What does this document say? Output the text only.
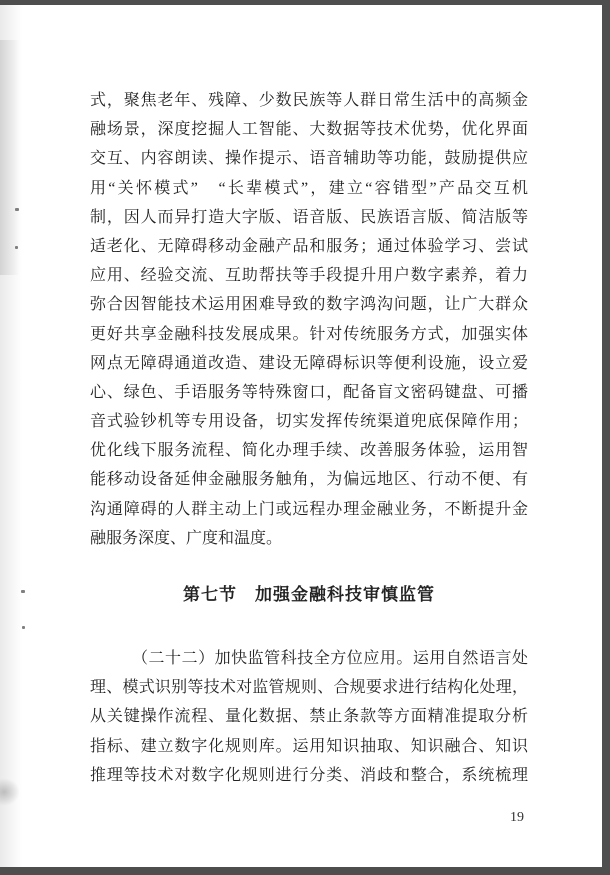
式，聚焦老年、残障、少数民族等人群日常生活中的高频金
融场景，深度挖掘人工智能、大数据等技术优势，优化界面
交互、内容朗读、操作提示、语音辅助等功能，鼓励提供应
用“关怀模式”　“长辈模式”，建立“容错型”产品交互机
制，因人而异打造大字版、语音版、民族语言版、简洁版等
适老化、无障碍移动金融产品和服务；通过体验学习、尝试
应用、经验交流、互助帮扶等手段提升用户数字素养，着力
弥合因智能技术运用困难导致的数字鸿沟问题，让广大群众
更好共享金融科技发展成果。针对传统服务方式，加强实体
网点无障碍通道改造、建设无障碍标识等便利设施，设立爱
心、绿色、手语服务等特殊窗口，配备盲文密码键盘、可播
音式验钞机等专用设备，切实发挥传统渠道兜底保障作用；
优化线下服务流程、简化办理手续、改善服务体验，运用智
能移动设备延伸金融服务触角，为偏远地区、行动不便、有
沟通障碍的人群主动上门或远程办理金融业务，不断提升金
融服务深度、广度和温度。
第七节　加强金融科技审慎监管
（二十二）加快监管科技全方位应用。运用自然语言处
理、模式识别等技术对监管规则、合规要求进行结构化处理，
从关键操作流程、量化数据、禁止条款等方面精准提取分析
指标、建立数字化规则库。运用知识抽取、知识融合、知识
推理等技术对数字化规则进行分类、消歧和整合，系统梳理
19
